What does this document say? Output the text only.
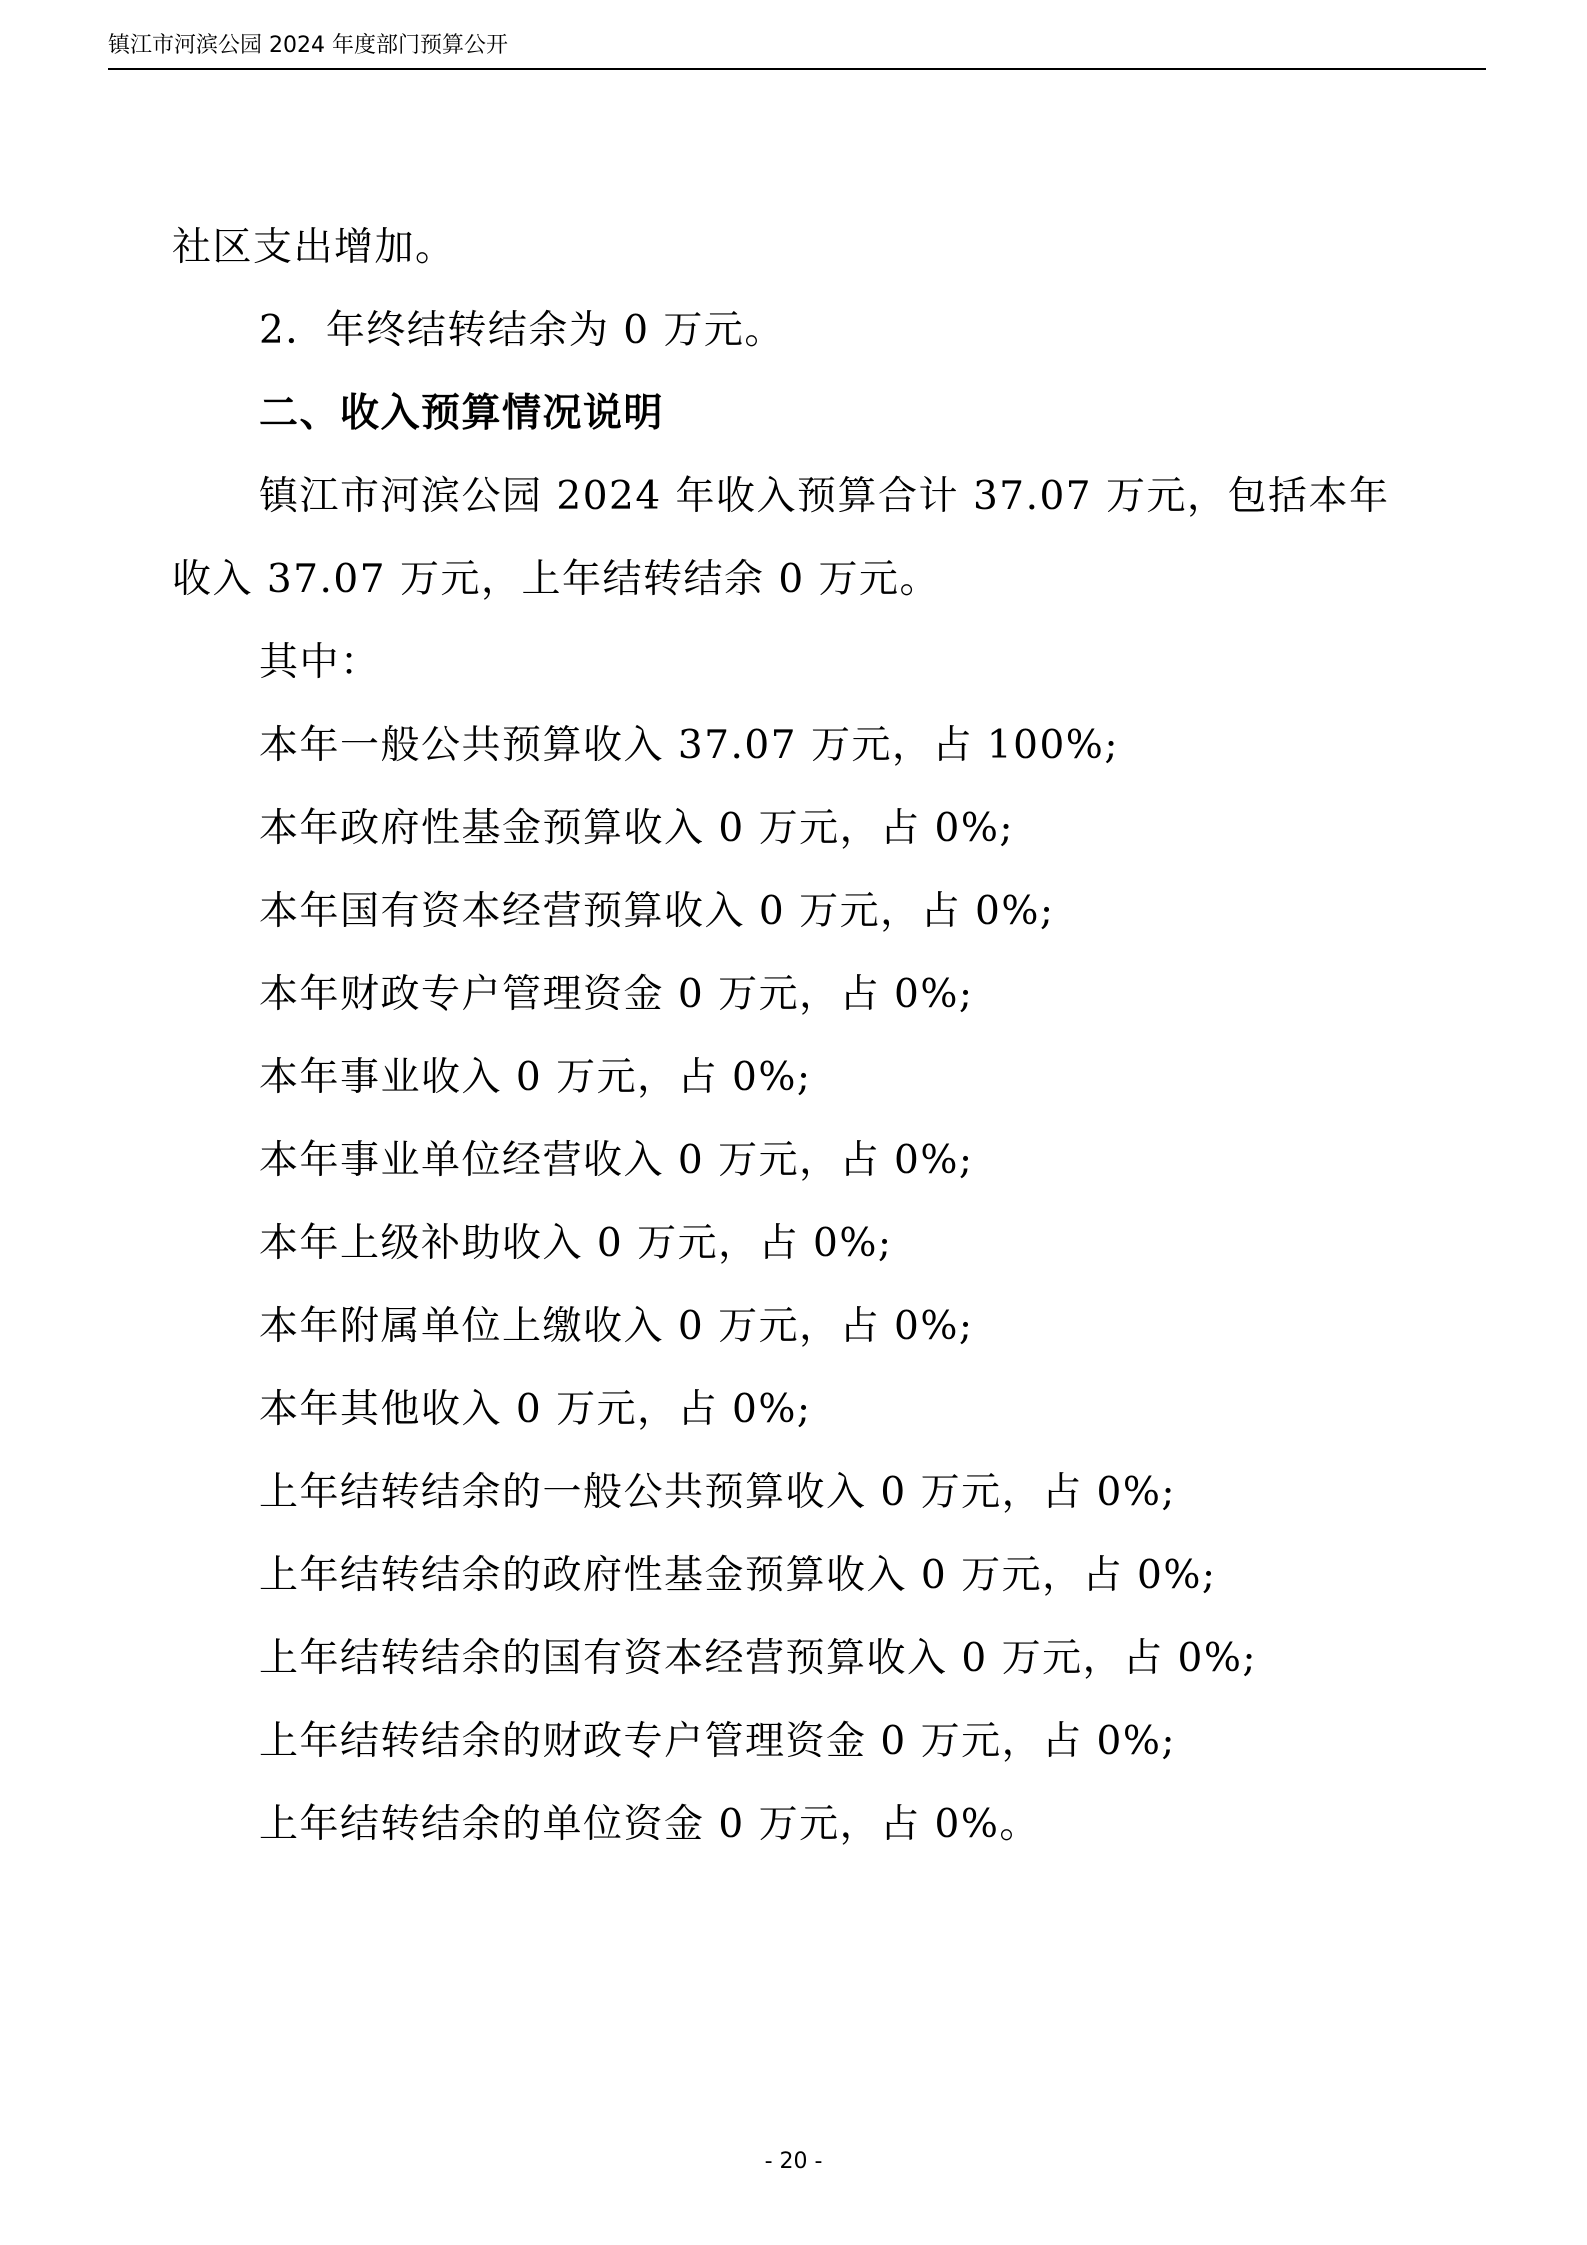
镇江市河滨公园 2024 年度部门预算公开
社区支出增加。
2．年终结转结余为 0 万元。
二、收入预算情况说明
镇江市河滨公园 2024 年收入预算合计 37.07 万元，包括本年
收入 37.07 万元，上年结转结余 0 万元。
其中：
本年一般公共预算收入 37.07 万元，占 100%;
本年政府性基金预算收入 0 万元，占 0%;
本年国有资本经营预算收入 0 万元，占 0%;
本年财政专户管理资金 0 万元，占 0%;
本年事业收入 0 万元，占 0%;
本年事业单位经营收入 0 万元，占 0%;
本年上级补助收入 0 万元，占 0%;
本年附属单位上缴收入 0 万元，占 0%;
本年其他收入 0 万元，占 0%;
上年结转结余的一般公共预算收入 0 万元，占 0%;
上年结转结余的政府性基金预算收入 0 万元，占 0%;
上年结转结余的国有资本经营预算收入 0 万元，占 0%;
上年结转结余的财政专户管理资金 0 万元，占 0%;
上年结转结余的单位资金 0 万元，占 0%。
- 20 -
